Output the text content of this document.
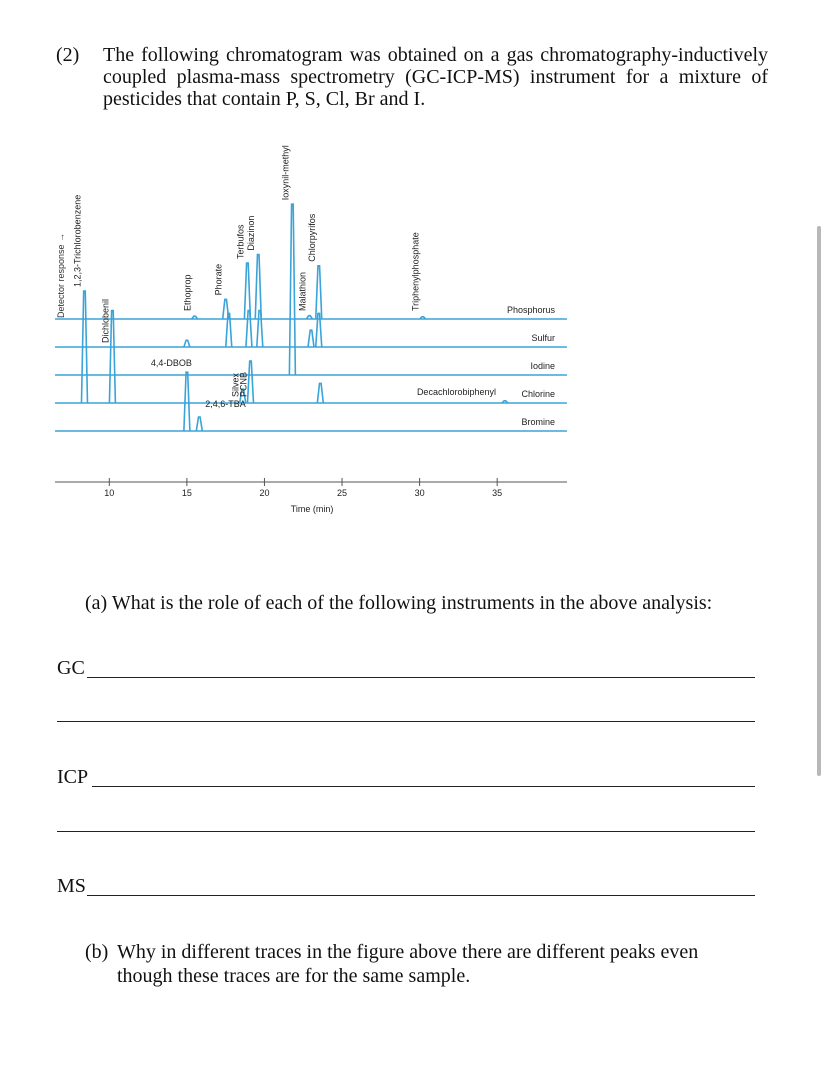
(2) The following chromatogram was obtained on a gas chromatography-inductively coupled plasma-mass spectrometry (GC-ICP-MS) instrument for a mixture of pesticides that contain P, S, Cl, Br and I.
Detector response →	Phosphorus
Sulfur
Iodine
Chlorine
Bromine
Ethoprop Phorate
Terbufos Diazinon
Malathion
Chlorpyrifos	Triphenylphosphate
Ioxynil-methyl
1,2,3-Trichlorobenzene
Dichlobenil
Silvex
PCNB	Decachlorobiphenyl
4,4-DBOB
2,4,6-TBA
10	15	20	25	30	35
Time (min)
(a) What is the role of each of the following instruments in the above analysis:
GC
ICP
MS
(b) Why in different traces in the figure above there are different peaks even though these traces are for the same sample.
